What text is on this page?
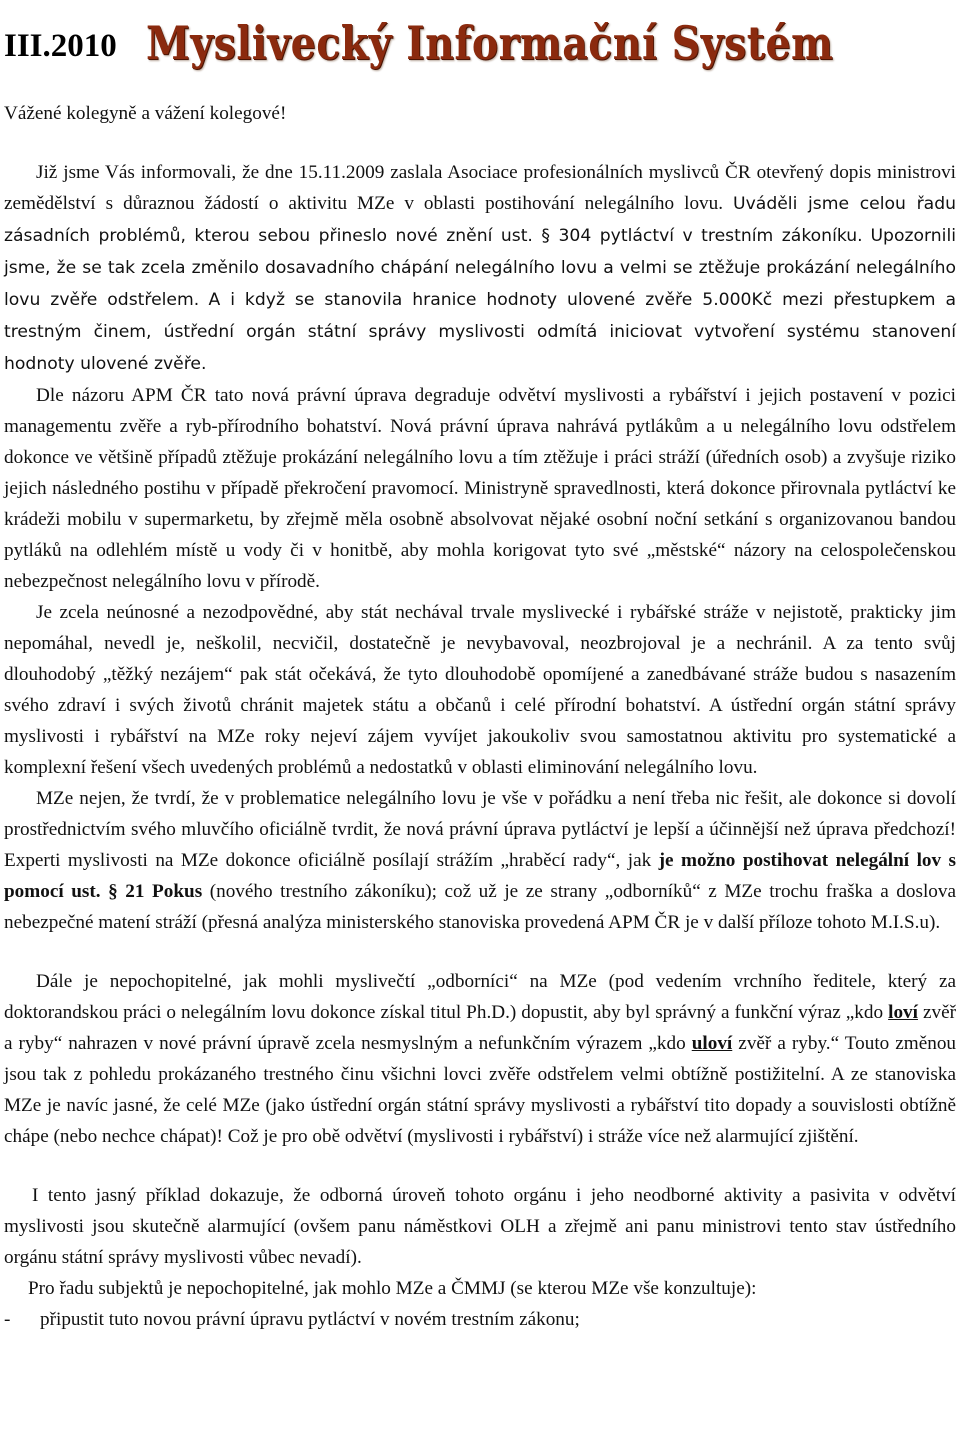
III.2010 Myslivecký Informační Systém

Vážené kolegyně a vážení kolegové!

Již jsme Vás informovali, že dne 15.11.2009 zaslala Asociace profesionálních myslivců ČR otevřený dopis ministrovi zemědělství s důraznou žádostí o aktivitu MZe v oblasti postihování nelegálního lovu. Uváděli jsme celou řadu zásadních problémů, kterou sebou přineslo nové znění ust. § 304 pytláctví v trestním zákoníku. Upozornili jsme, že se tak zcela změnilo dosavadního chápání nelegálního lovu a velmi se ztěžuje prokázání nelegálního lovu zvěře odstřelem. A i když se stanovila hranice hodnoty ulovené zvěře 5.000Kč mezi přestupkem a trestným činem, ústřední orgán státní správy myslivosti odmítá iniciovat vytvoření systému stanovení hodnoty ulovené zvěře.

Dle názoru APM ČR tato nová právní úprava degraduje odvětví myslivosti a rybářství i jejich postavení v pozici managementu zvěře a ryb-přírodního bohatství. Nová právní úprava nahrává pytlákům a u nelegálního lovu odstřelem dokonce ve většině případů ztěžuje prokázání nelegálního lovu a tím ztěžuje i práci stráží (úředních osob) a zvyšuje riziko jejich následného postihu v případě překročení pravomocí. Ministryně spravedlnosti, která dokonce přirovnala pytláctví ke krádeži mobilu v supermarketu, by zřejmě měla osobně absolvovat nějaké osobní noční setkání s organizovanou bandou pytláků na odlehlém místě u vody či v honitbě, aby mohla korigovat tyto své „městské“ názory na celospolečenskou nebezpečnost nelegálního lovu v přírodě.

Je zcela neúnosné a nezodpovědné, aby stát nechával trvale myslivecké i rybářské stráže v nejistotě, prakticky jim nepomáhal, nevedl je, neškolil, necvičil, dostatečně je nevybavoval, neozbrojoval je a nechránil. A za tento svůj dlouhodobý „těžký nezájem“ pak stát očekává, že tyto dlouhodobě opomíjené a zanedbávané stráže budou s nasazením svého zdraví i svých životů chránit majetek státu a občanů i celé přírodní bohatství. A ústřední orgán státní správy myslivosti i rybářství na MZe roky nejeví zájem vyvíjet jakoukoliv svou samostatnou aktivitu pro systematické a komplexní řešení všech uvedených problémů a nedostatků v oblasti eliminování nelegálního lovu.

MZe nejen, že tvrdí, že v problematice nelegálního lovu je vše v pořádku a není třeba nic řešit, ale dokonce si dovolí prostřednictvím svého mluvčího oficiálně tvrdit, že nová právní úprava pytláctví je lepší a účinnější než úprava předchozí! Experti myslivosti na MZe dokonce oficiálně posílají strážím „hraběcí rady“, jak je možno postihovat nelegální lov s pomocí ust. § 21 Pokus (nového trestního zákoníku); což už je ze strany „odborníků“ z MZe trochu fraška a doslova nebezpečné matení stráží (přesná analýza ministerského stanoviska provedená APM ČR je v další příloze tohoto M.I.S.u).

Dále je nepochopitelné, jak mohli myslivečtí „odborníci“ na MZe (pod vedením vrchního ředitele, který za doktorandskou práci o nelegálním lovu dokonce získal titul Ph.D.) dopustit, aby byl správný a funkční výraz „kdo loví zvěř a ryby“ nahrazen v nové právní úpravě zcela nesmyslným a nefunkčním výrazem „kdo uloví zvěř a ryby.“ Touto změnou jsou tak z pohledu prokázaného trestného činu všichni lovci zvěře odstřelem velmi obtížně postižitelní. A ze stanoviska MZe je navíc jasné, že celé MZe (jako ústřední orgán státní správy myslivosti a rybářství tito dopady a souvislosti obtížně chápe (nebo nechce chápat)! Což je pro obě odvětví (myslivosti i rybářství) i stráže více než alarmující zjištění.

I tento jasný příklad dokazuje, že odborná úroveň tohoto orgánu i jeho neodborné aktivity a pasivita v odvětví myslivosti jsou skutečně alarmující (ovšem panu náměstkovi OLH a zřejmě ani panu ministrovi tento stav ústředního orgánu státní správy myslivosti vůbec nevadí).

Pro řadu subjektů je nepochopitelné, jak mohlo MZe a ČMMJ (se kterou MZe vše konzultuje):

-	připustit tuto novou právní úpravu pytláctví v novém trestním zákonu;
